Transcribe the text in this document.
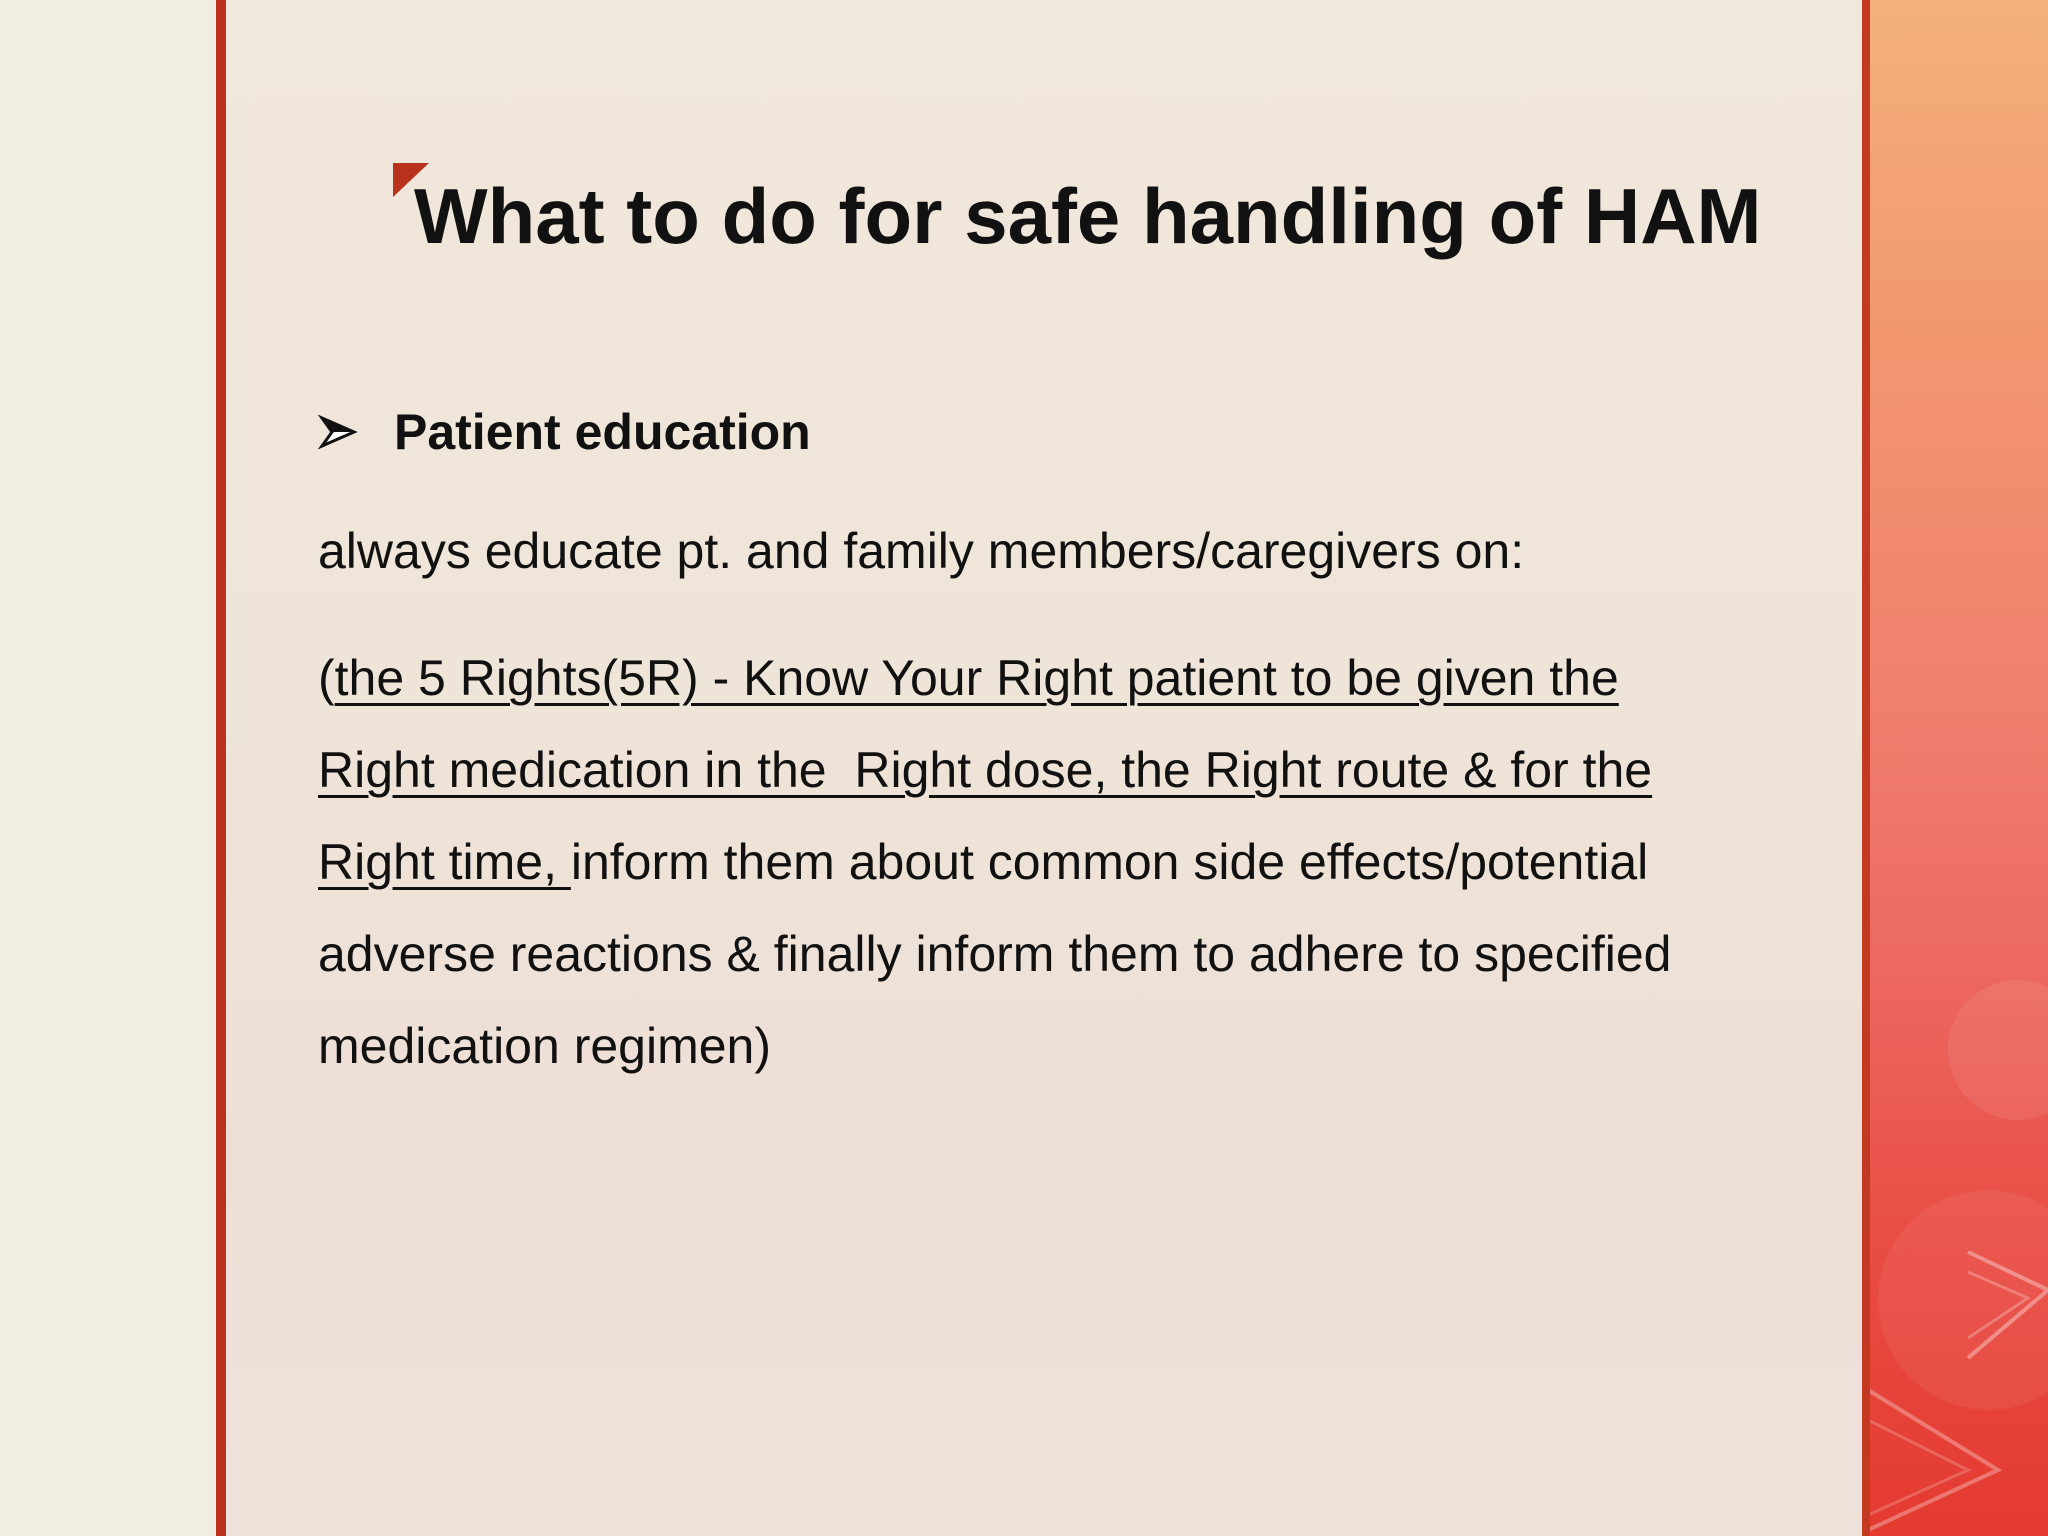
What to do for safe handling of HAM
Patient education

always educate pt. and family members/caregivers on:

(the 5 Rights(5R) - Know Your Right patient to be given the
Right medication in the  Right dose, the Right route & for the
Right time, inform them about common side effects/potential
adverse reactions & finally inform them to adhere to specified
medication regimen)
